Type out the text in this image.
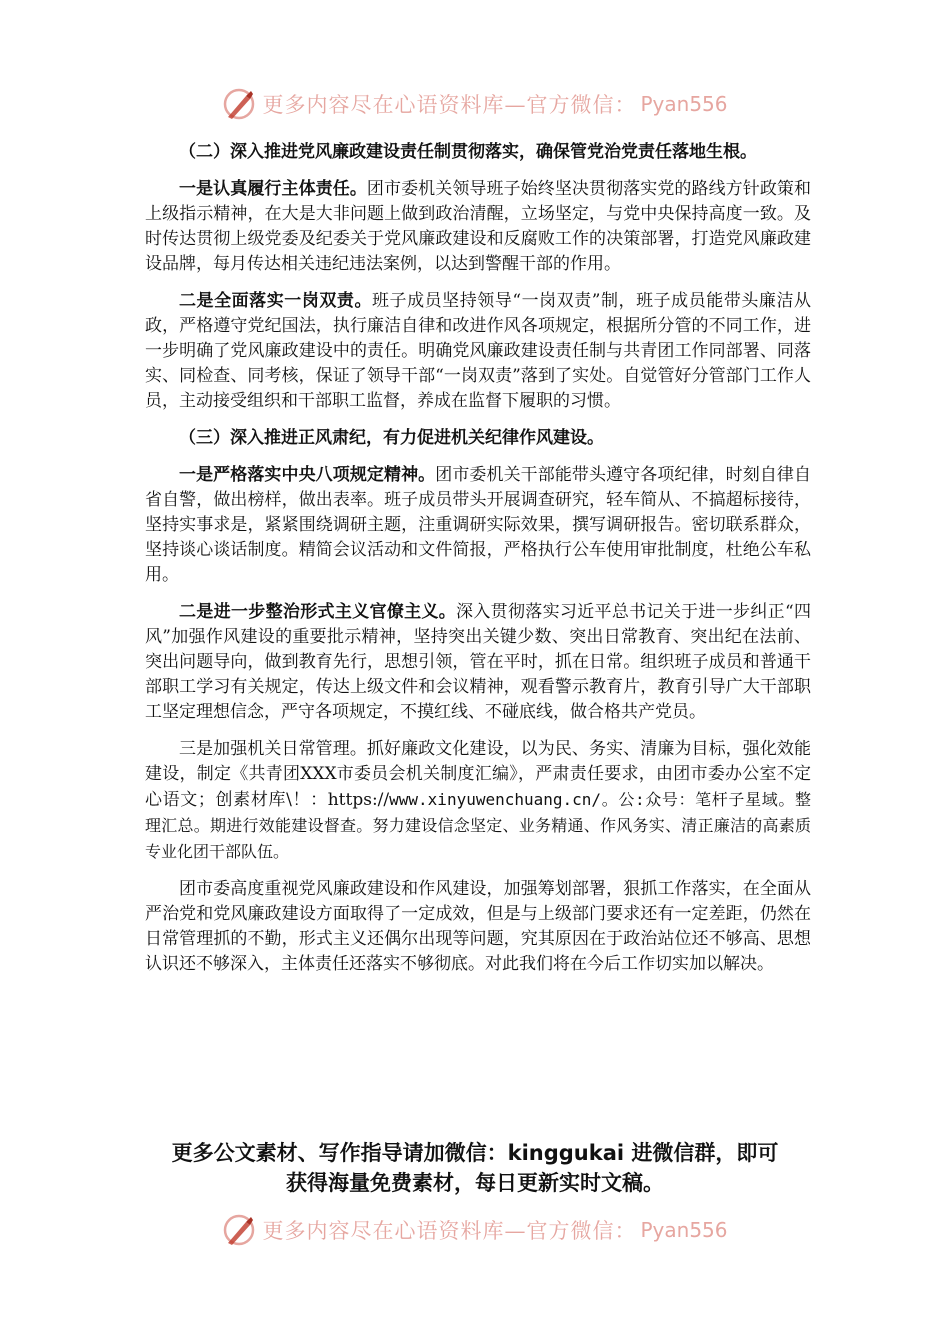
更多内容尽在心语资料库—官方微信： Pyan556

（二）深入推进党风廉政建设责任制贯彻落实，确保管党治党责任落地生根。

一是认真履行主体责任。团市委机关领导班子始终坚决贯彻落实党的路线方针政策和上级指示精神，在大是大非问题上做到政治清醒，立场坚定，与党中央保持高度一致。及时传达贯彻上级党委及纪委关于党风廉政建设和反腐败工作的决策部署，打造党风廉政建设品牌，每月传达相关违纪违法案例，以达到警醒干部的作用。

二是全面落实一岗双责。班子成员坚持领导“一岗双责”制，班子成员能带头廉洁从政，严格遵守党纪国法，执行廉洁自律和改进作风各项规定，根据所分管的不同工作，进一步明确了党风廉政建设中的责任。明确党风廉政建设责任制与共青团工作同部署、同落实、同检查、同考核，保证了领导干部“一岗双责”落到了实处。自觉管好分管部门工作人员，主动接受组织和干部职工监督，养成在监督下履职的习惯。

（三）深入推进正风肃纪，有力促进机关纪律作风建设。

一是严格落实中央八项规定精神。团市委机关干部能带头遵守各项纪律，时刻自律自省自警，做出榜样，做出表率。班子成员带头开展调查研究，轻车简从、不搞超标接待，坚持实事求是，紧紧围绕调研主题，注重调研实际效果，撰写调研报告。密切联系群众，坚持谈心谈话制度。精简会议活动和文件简报，严格执行公车使用审批制度，杜绝公车私用。

二是进一步整治形式主义官僚主义。深入贯彻落实习近平总书记关于进一步纠正“四风”加强作风建设的重要批示精神，坚持突出关键少数、突出日常教育、突出纪在法前、突出问题导向，做到教育先行，思想引领，管在平时，抓在日常。组织班子成员和普通干部职工学习有关规定，传达上级文件和会议精神，观看警示教育片，教育引导广大干部职工坚定理想信念，严守各项规定，不摸红线、不碰底线，做合格共产党员。

三是加强机关日常管理。抓好廉政文化建设，以为民、务实、清廉为目标，强化效能建设，制定《共青团XXX市委员会机关制度汇编》，严肃责任要求，由团市委办公室不定心语文；创素材库\！：https://www.xinyuwenchuang.cn/。公:众号：笔杆子星域。整理汇总。期进行效能建设督查。努力建设信念坚定、业务精通、作风务实、清正廉洁的高素质专业化团干部队伍。

团市委高度重视党风廉政建设和作风建设，加强筹划部署，狠抓工作落实，在全面从严治党和党风廉政建设方面取得了一定成效，但是与上级部门要求还有一定差距，仍然在日常管理抓的不勤，形式主义还偶尔出现等问题，究其原因在于政治站位还不够高、思想认识还不够深入，主体责任还落实不够彻底。对此我们将在今后工作切实加以解决。

更多公文素材、写作指导请加微信：kinggukai 进微信群，即可
获得海量免费素材，每日更新实时文稿。
更多内容尽在心语资料库—官方微信： Pyan556
